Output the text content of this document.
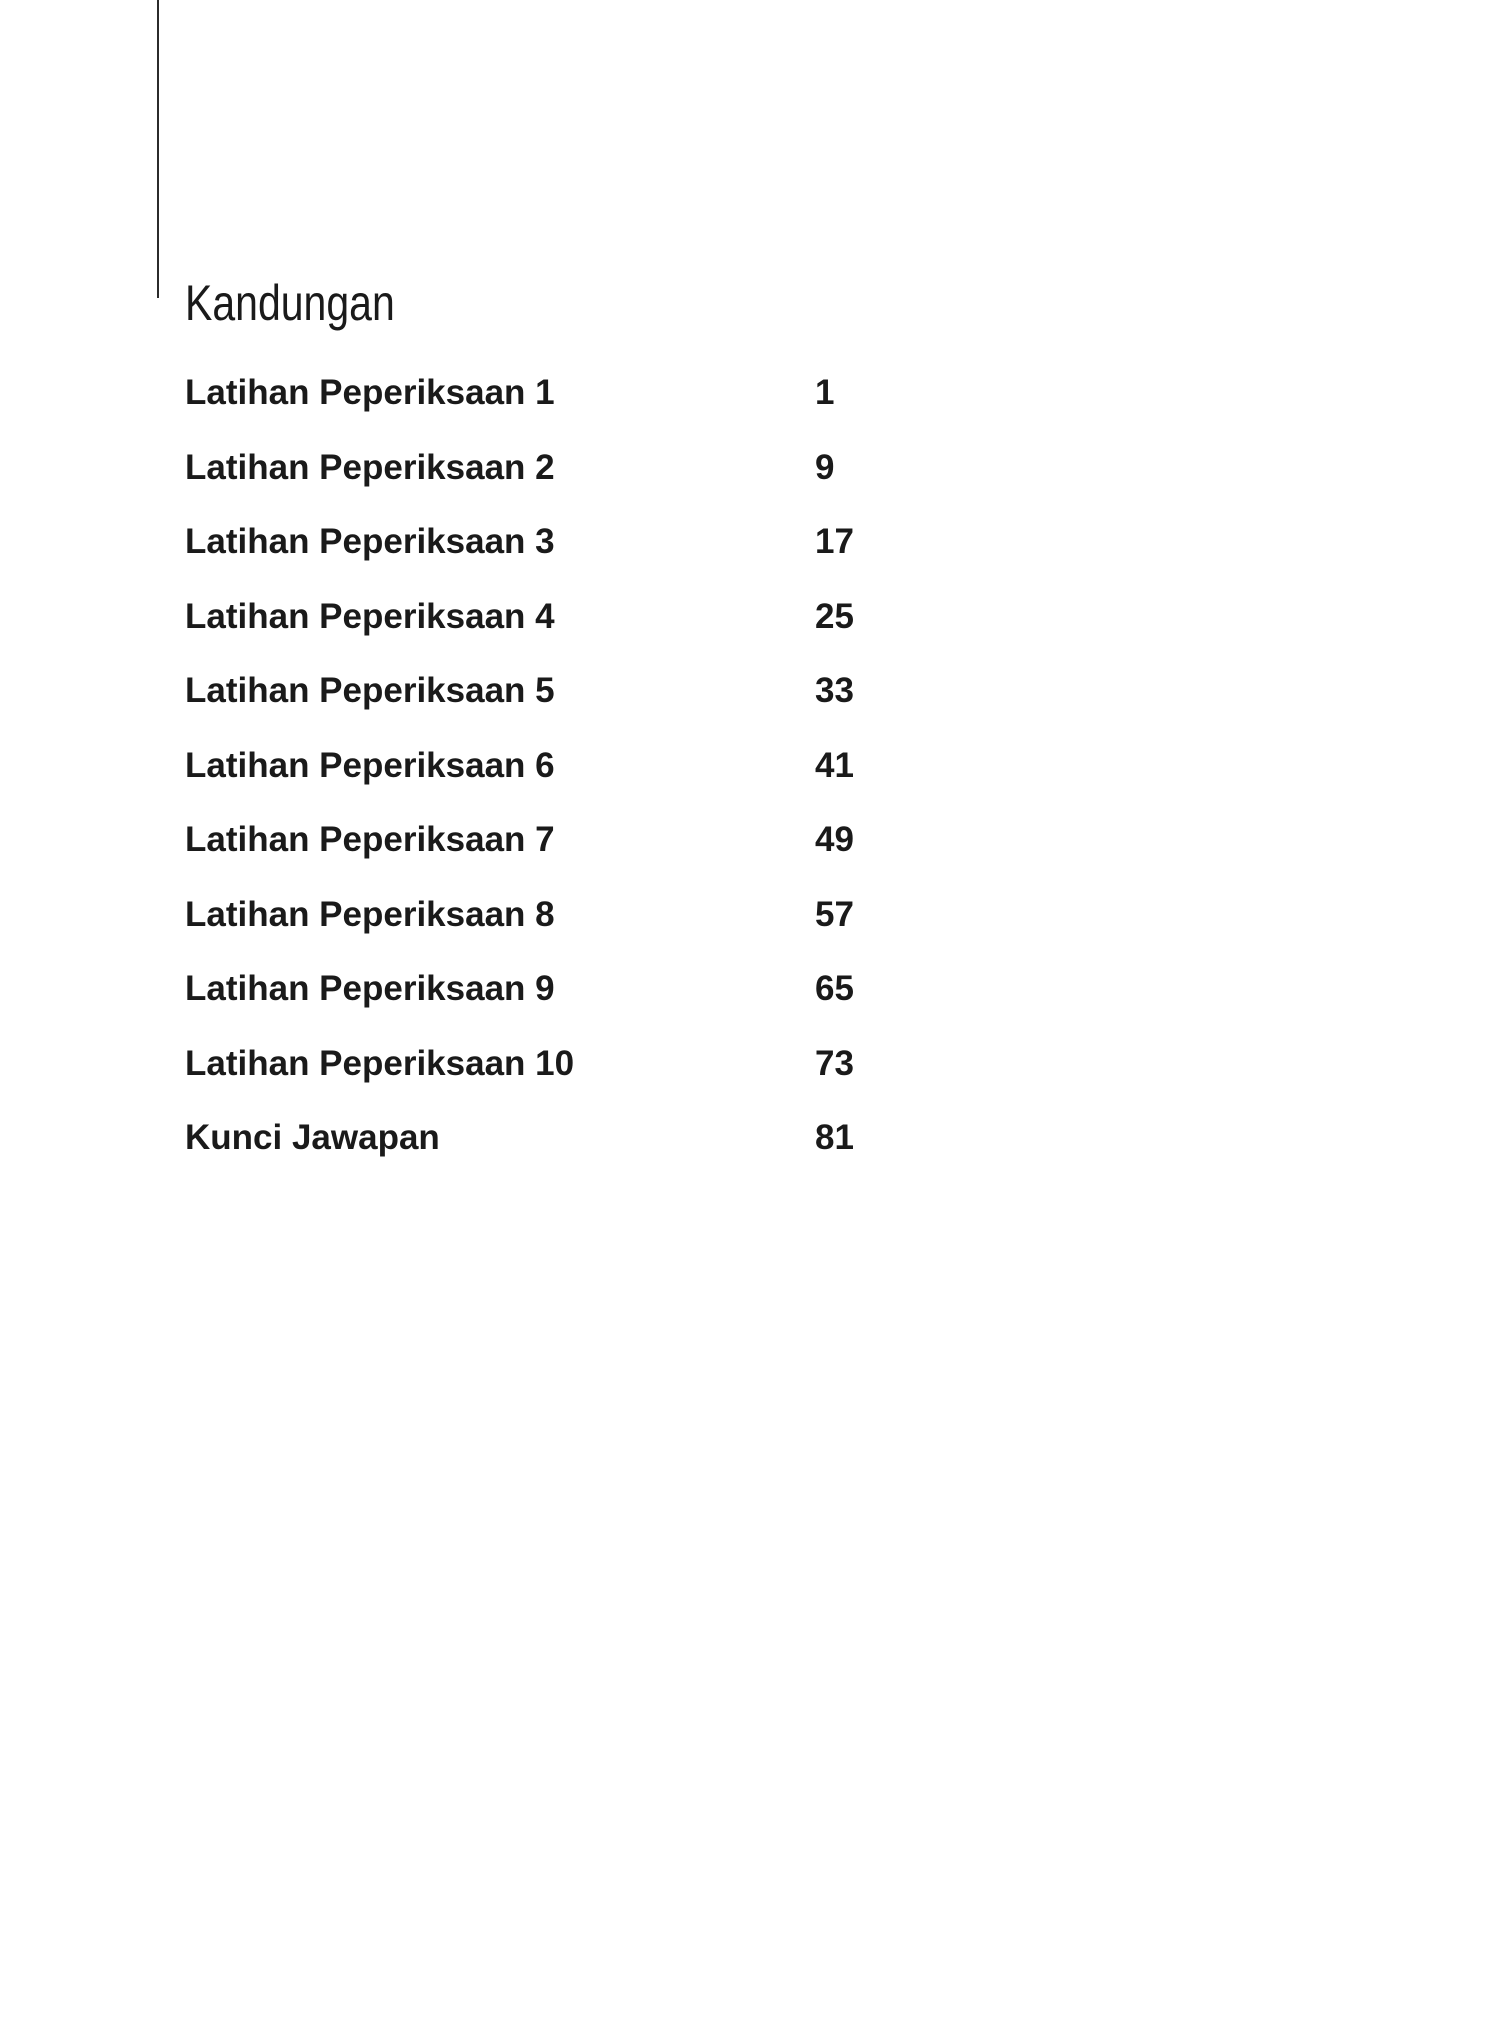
Kandungan
Latihan Peperiksaan 1	1
Latihan Peperiksaan 2	9
Latihan Peperiksaan 3	17
Latihan Peperiksaan 4	25
Latihan Peperiksaan 5	33
Latihan Peperiksaan 6	41
Latihan Peperiksaan 7	49
Latihan Peperiksaan 8	57
Latihan Peperiksaan 9	65
Latihan Peperiksaan 10	73
Kunci Jawapan	81
